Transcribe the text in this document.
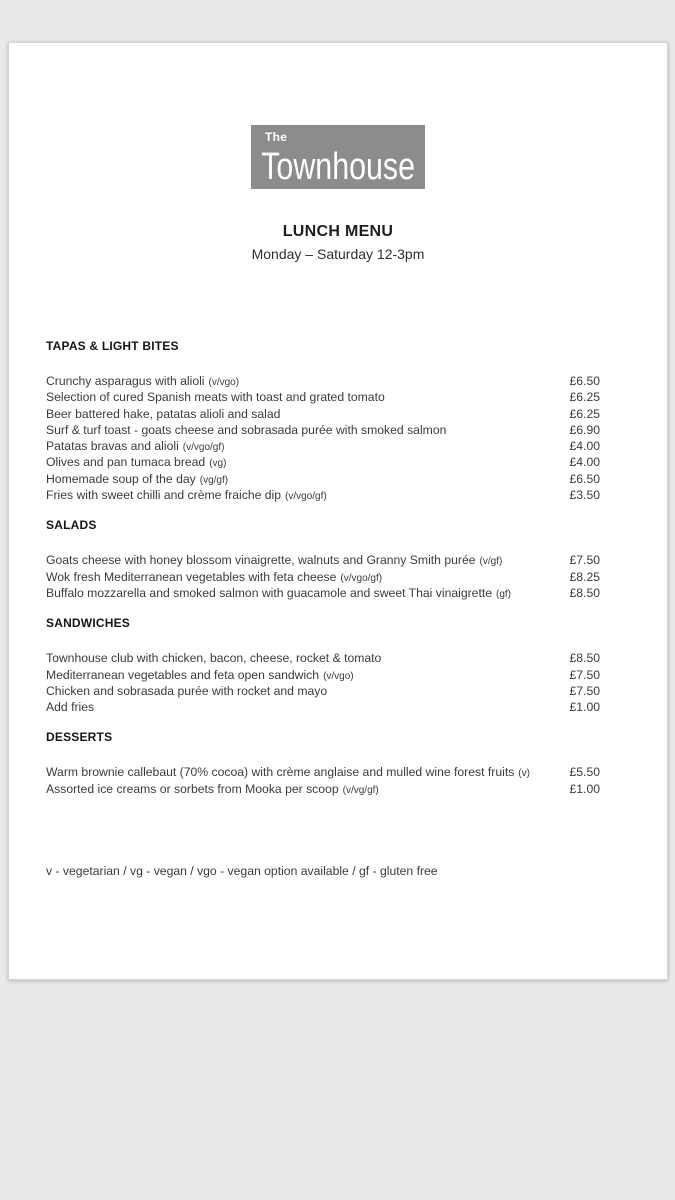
The
Townhouse
LUNCH MENU
Monday – Saturday 12-3pm
TAPAS & LIGHT BITES
Crunchy asparagus with alioli (v/vgo)	£6.50
Selection of cured Spanish meats with toast and grated tomato	£6.25
Beer battered hake, patatas alioli and salad	£6.25
Surf & turf toast - goats cheese and sobrasada purée with smoked salmon	£6.90
Patatas bravas and alioli (v/vgo/gf)	£4.00
Olives and pan tumaca bread (vg)	£4.00
Homemade soup of the day (vg/gf)	£6.50
Fries with sweet chilli and crème fraiche dip (v/vgo/gf)	£3.50
SALADS
Goats cheese with honey blossom vinaigrette, walnuts and Granny Smith purée (v/gf)	£7.50
Wok fresh Mediterranean vegetables with feta cheese (v/vgo/gf)	£8.25
Buffalo mozzarella and smoked salmon with guacamole and sweet Thai vinaigrette (gf)	£8.50
SANDWICHES
Townhouse club with chicken, bacon, cheese, rocket & tomato	£8.50
Mediterranean vegetables and feta open sandwich (v/vgo)	£7.50
Chicken and sobrasada purée with rocket and mayo	£7.50
Add fries	£1.00
DESSERTS
Warm brownie callebaut (70% cocoa) with crème anglaise and mulled wine forest fruits (v)	£5.50
Assorted ice creams or sorbets from Mooka per scoop (v/vg/gf)	£1.00
v - vegetarian / vg - vegan / vgo - vegan option available / gf - gluten free
